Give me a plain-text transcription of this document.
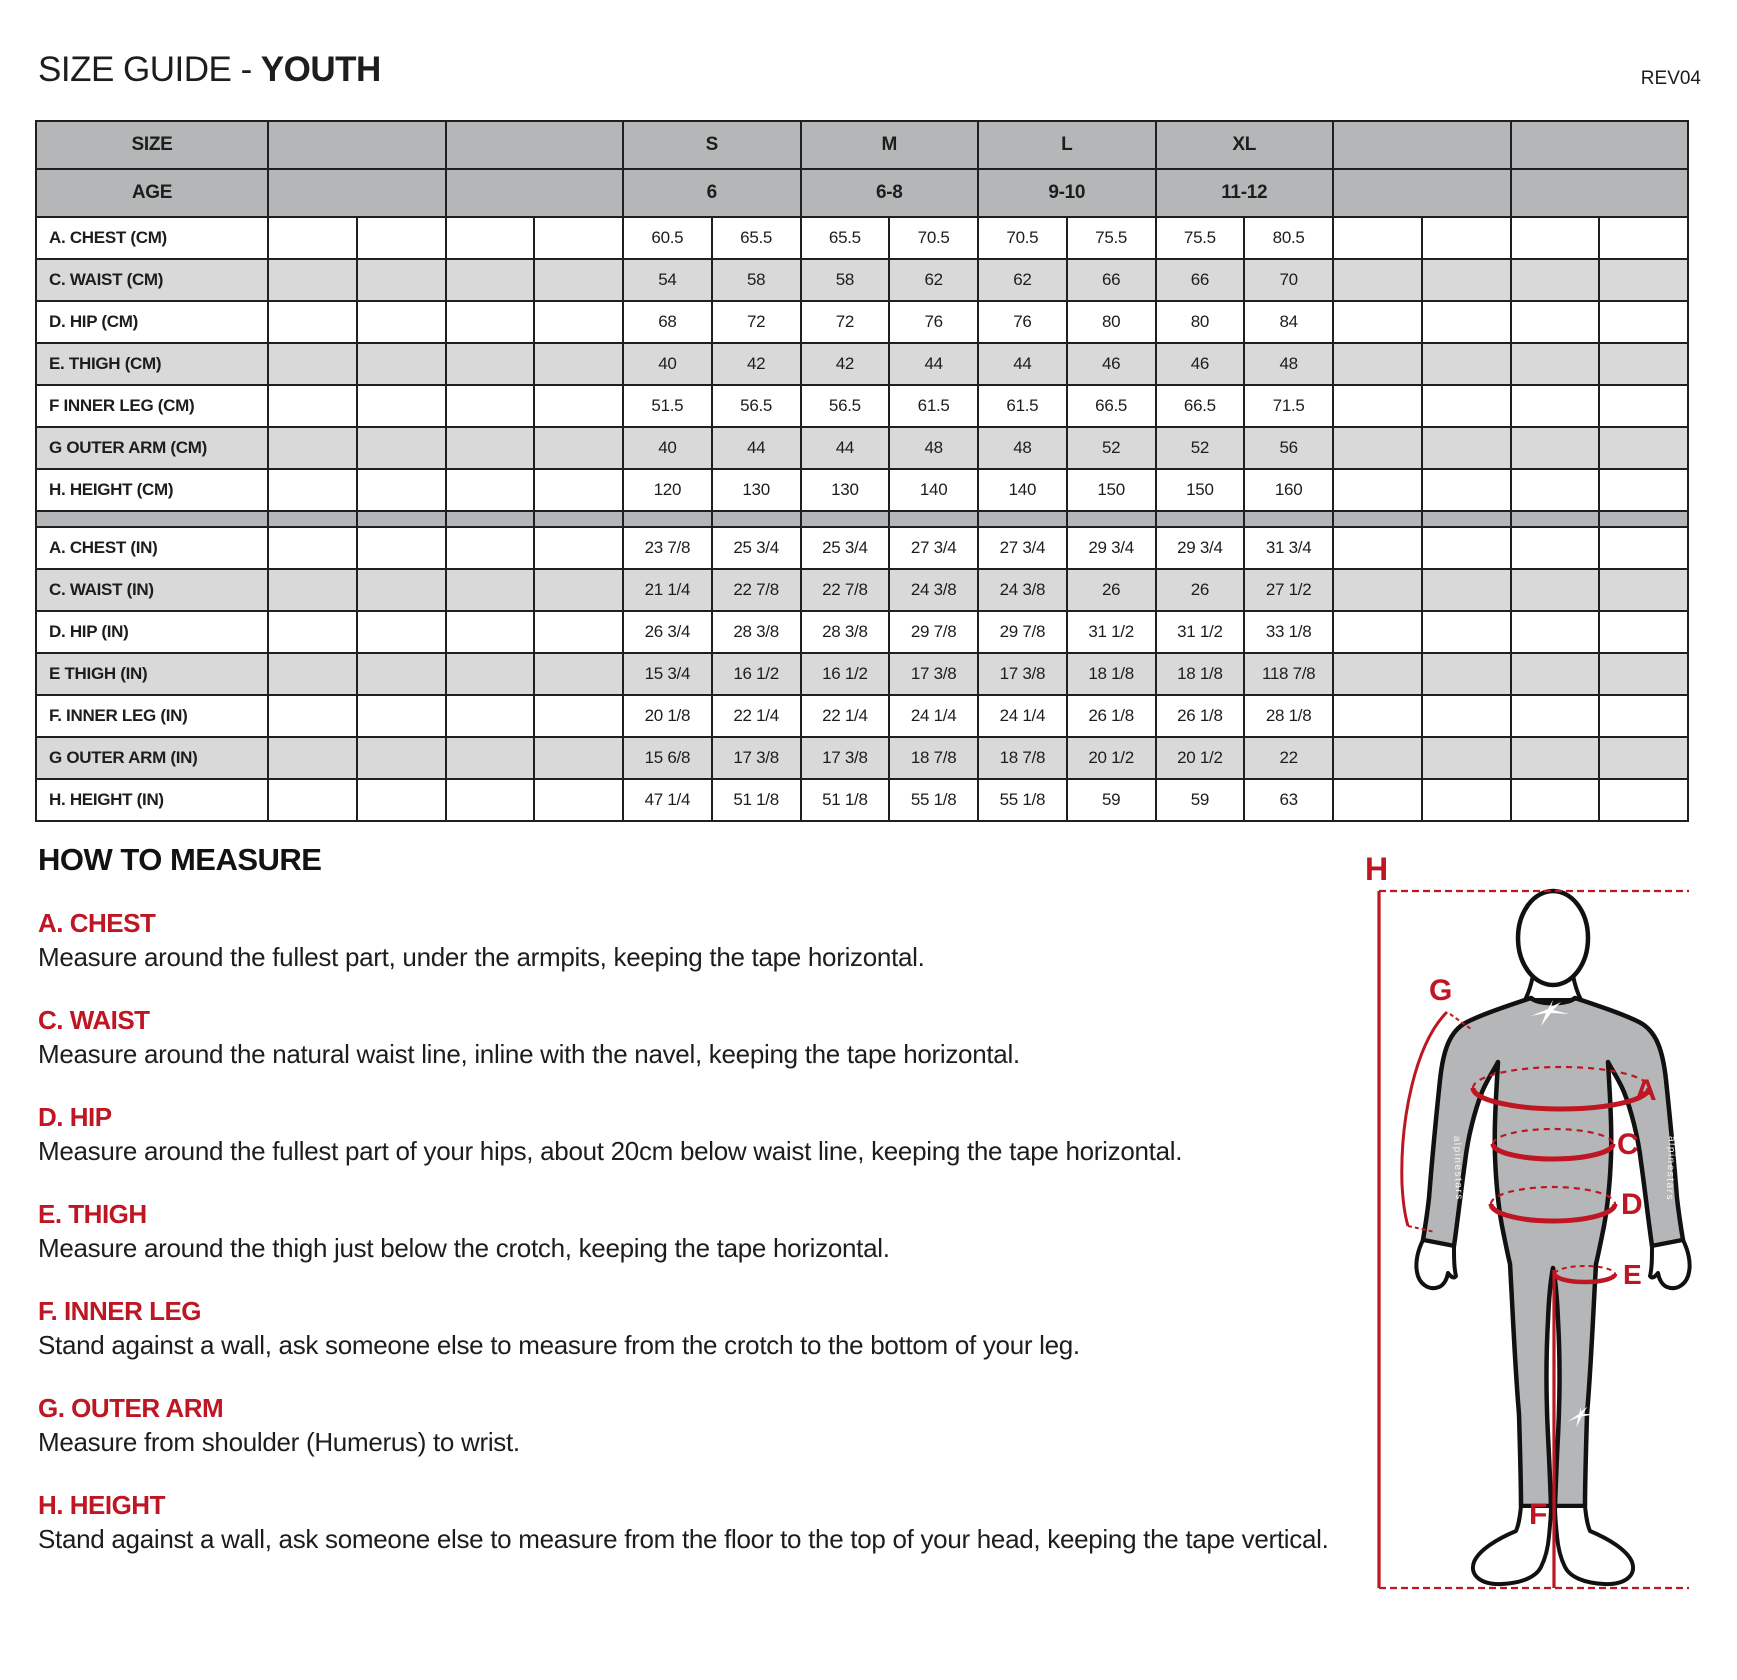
SIZE GUIDE - YOUTH	REV04
SIZE					S		M		L		XL					
AGE					6		6-8		9-10		11-12					
A. CHEST (CM)					60.5	65.5	65.5	70.5	70.5	75.5	75.5	80.5				
C. WAIST (CM)					54	58	58	62	62	66	66	70				
D. HIP (CM)					68	72	72	76	76	80	80	84				
E. THIGH (CM)					40	42	42	44	44	46	46	48				
F INNER LEG (CM)					51.5	56.5	56.5	61.5	61.5	66.5	66.5	71.5				
G OUTER ARM (CM)					40	44	44	48	48	52	52	56				
H. HEIGHT (CM)					120	130	130	140	140	150	150	160				

A. CHEST (IN)					23 7/8	25 3/4	25 3/4	27 3/4	27 3/4	29 3/4	29 3/4	31 3/4				
C. WAIST (IN)					21 1/4	22 7/8	22 7/8	24 3/8	24 3/8	26	26	27 1/2				
D. HIP (IN)					26 3/4	28 3/8	28 3/8	29 7/8	29 7/8	31 1/2	31 1/2	33 1/8				
E THIGH (IN)					15 3/4	16 1/2	16 1/2	17 3/8	17 3/8	18 1/8	18 1/8	118 7/8				
F. INNER LEG (IN)					20 1/8	22 1/4	22 1/4	24 1/4	24 1/4	26 1/8	26 1/8	28 1/8				
G OUTER ARM (IN)					15 6/8	17 3/8	17 3/8	18 7/8	18 7/8	20 1/2	20 1/2	22				
H. HEIGHT (IN)					47 1/4	51 1/8	51 1/8	55 1/8	55 1/8	59	59	63				
HOW TO MEASURE
A. CHEST
Measure around the fullest part, under the armpits, keeping the tape horizontal.
C. WAIST
Measure around the natural waist line, inline with the navel, keeping the tape horizontal.
D. HIP
Measure around the fullest part of your hips, about 20cm below waist line, keeping the tape horizontal.
E. THIGH
Measure around the thigh just below the crotch, keeping the tape horizontal.
F. INNER LEG
Stand against a wall, ask someone else to measure from the crotch to the bottom of your leg.
G. OUTER ARM
Measure from shoulder (Humerus) to wrist.
H. HEIGHT
Stand against a wall, ask someone else to measure from the floor to the top of your head, keeping the tape vertical.
alpinestars	alpinestars
H
G
A
C
D
E
F
